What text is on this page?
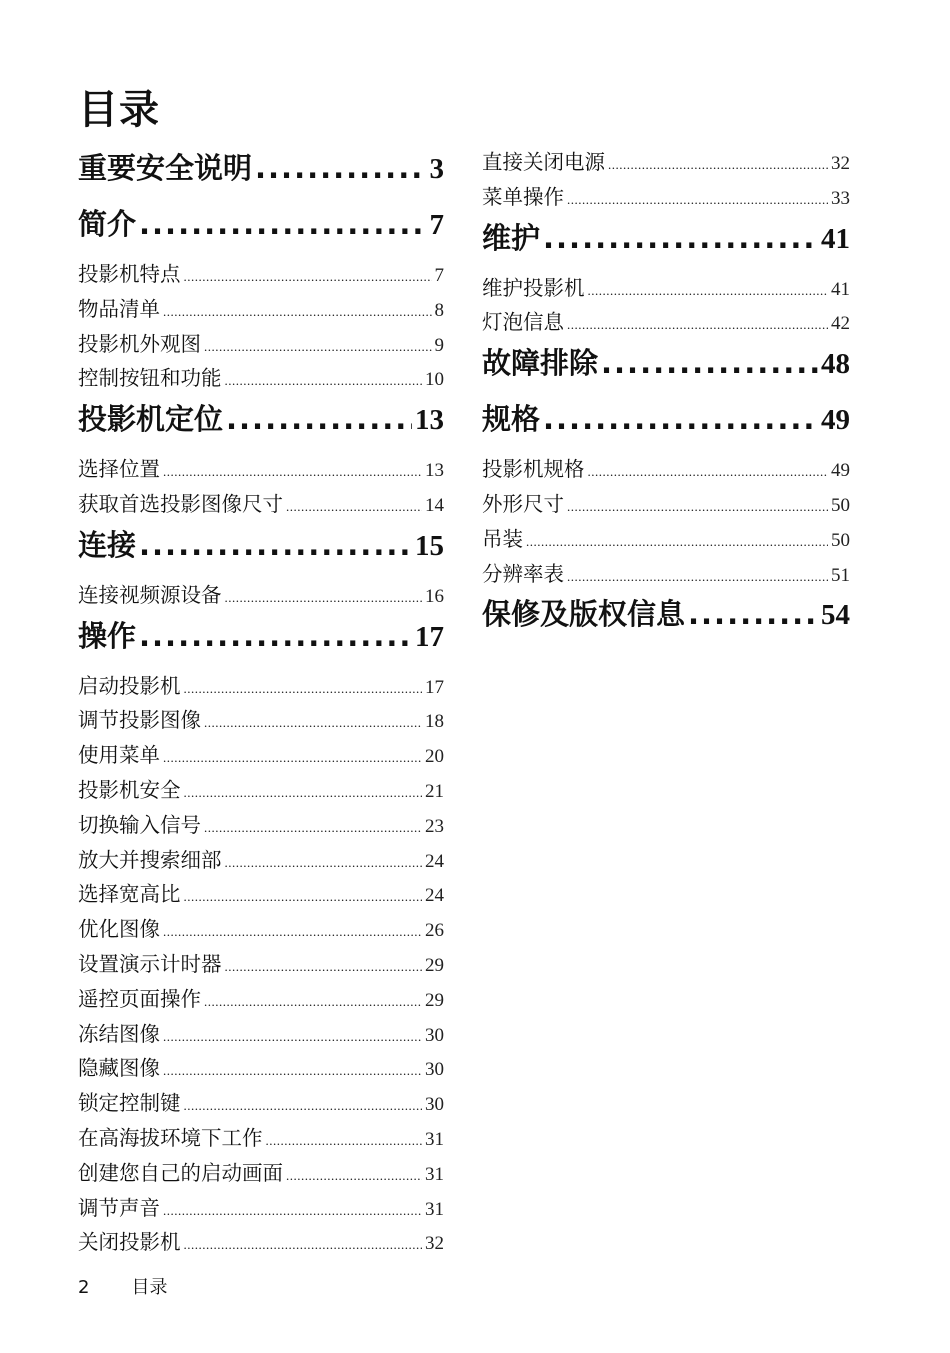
目录
重要安全说明 .....	3
简介 .....	7
投影机特点 .....	7
物品清单 .....	8
投影机外观图 .....	9
控制按钮和功能 .....	10
投影机定位 .....	13
选择位置 .....	13
获取首选投影图像尺寸 .....	14
连接 .....	15
连接视频源设备 .....	16
操作 .....	17
启动投影机 .....	17
调节投影图像 .....	18
使用菜单 .....	20
投影机安全 .....	21
切换输入信号 .....	23
放大并搜索细部 .....	24
选择宽高比 .....	24
优化图像 .....	26
设置演示计时器 .....	29
遥控页面操作 .....	29
冻结图像 .....	30
隐藏图像 .....	30
锁定控制键 .....	30
在高海拔环境下工作 .....	31
创建您自己的启动画面 .....	31
调节声音 .....	31
关闭投影机 .....	32
直接关闭电源 .....	32
菜单操作 .....	33
维护 .....	41
维护投影机 .....	41
灯泡信息 .....	42
故障排除 .....	48
规格 .....	49
投影机规格 .....	49
外形尺寸 .....	50
吊装 .....	50
分辨率表 .....	51
保修及版权信息 .....	54
2 目录
